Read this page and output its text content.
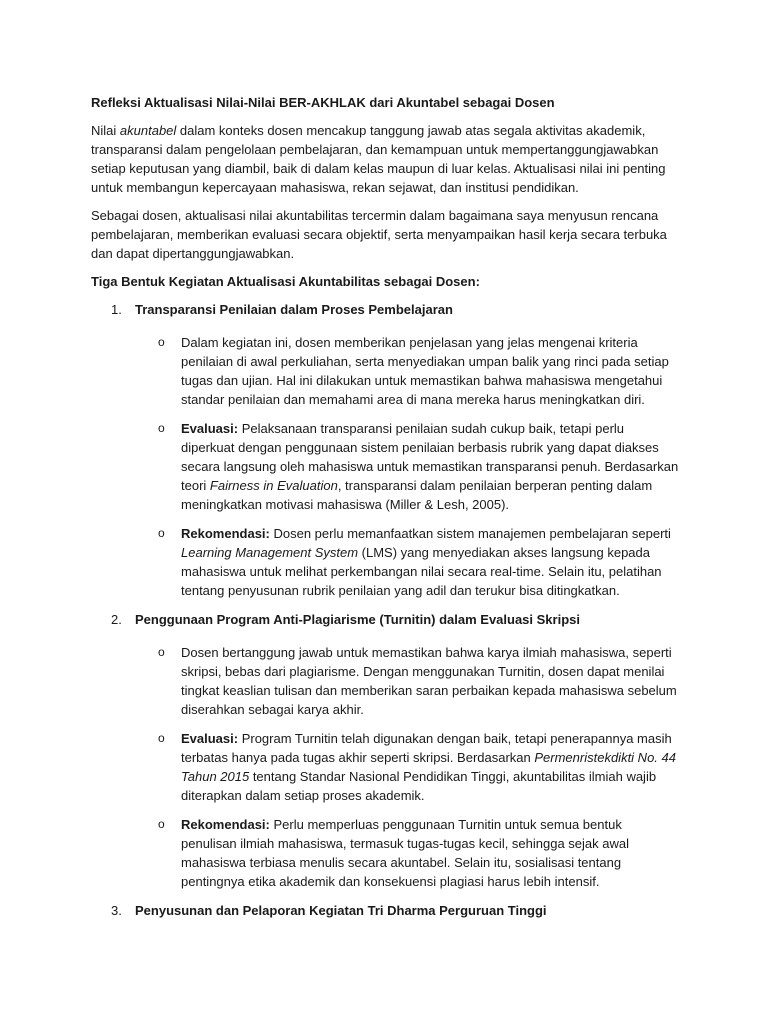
Refleksi Aktualisasi Nilai-Nilai BER-AKHLAK dari Akuntabel sebagai Dosen

Nilai akuntabel dalam konteks dosen mencakup tanggung jawab atas segala aktivitas akademik, transparansi dalam pengelolaan pembelajaran, dan kemampuan untuk mempertanggungjawabkan setiap keputusan yang diambil, baik di dalam kelas maupun di luar kelas. Aktualisasi nilai ini penting untuk membangun kepercayaan mahasiswa, rekan sejawat, dan institusi pendidikan.

Sebagai dosen, aktualisasi nilai akuntabilitas tercermin dalam bagaimana saya menyusun rencana pembelajaran, memberikan evaluasi secara objektif, serta menyampaikan hasil kerja secara terbuka dan dapat dipertanggungjawabkan.

Tiga Bentuk Kegiatan Aktualisasi Akuntabilitas sebagai Dosen:

1. Transparansi Penilaian dalam Proses Pembelajaran
o Dalam kegiatan ini, dosen memberikan penjelasan yang jelas mengenai kriteria penilaian di awal perkuliahan, serta menyediakan umpan balik yang rinci pada setiap tugas dan ujian. Hal ini dilakukan untuk memastikan bahwa mahasiswa mengetahui standar penilaian dan memahami area di mana mereka harus meningkatkan diri.
o Evaluasi: Pelaksanaan transparansi penilaian sudah cukup baik, tetapi perlu diperkuat dengan penggunaan sistem penilaian berbasis rubrik yang dapat diakses secara langsung oleh mahasiswa untuk memastikan transparansi penuh. Berdasarkan teori Fairness in Evaluation, transparansi dalam penilaian berperan penting dalam meningkatkan motivasi mahasiswa (Miller & Lesh, 2005).
o Rekomendasi: Dosen perlu memanfaatkan sistem manajemen pembelajaran seperti Learning Management System (LMS) yang menyediakan akses langsung kepada mahasiswa untuk melihat perkembangan nilai secara real-time. Selain itu, pelatihan tentang penyusunan rubrik penilaian yang adil dan terukur bisa ditingkatkan.
2. Penggunaan Program Anti-Plagiarisme (Turnitin) dalam Evaluasi Skripsi
o Dosen bertanggung jawab untuk memastikan bahwa karya ilmiah mahasiswa, seperti skripsi, bebas dari plagiarisme. Dengan menggunakan Turnitin, dosen dapat menilai tingkat keaslian tulisan dan memberikan saran perbaikan kepada mahasiswa sebelum diserahkan sebagai karya akhir.
o Evaluasi: Program Turnitin telah digunakan dengan baik, tetapi penerapannya masih terbatas hanya pada tugas akhir seperti skripsi. Berdasarkan Permenristekdikti No. 44 Tahun 2015 tentang Standar Nasional Pendidikan Tinggi, akuntabilitas ilmiah wajib diterapkan dalam setiap proses akademik.
o Rekomendasi: Perlu memperluas penggunaan Turnitin untuk semua bentuk penulisan ilmiah mahasiswa, termasuk tugas-tugas kecil, sehingga sejak awal mahasiswa terbiasa menulis secara akuntabel. Selain itu, sosialisasi tentang pentingnya etika akademik dan konsekuensi plagiasi harus lebih intensif.
3. Penyusunan dan Pelaporan Kegiatan Tri Dharma Perguruan Tinggi
